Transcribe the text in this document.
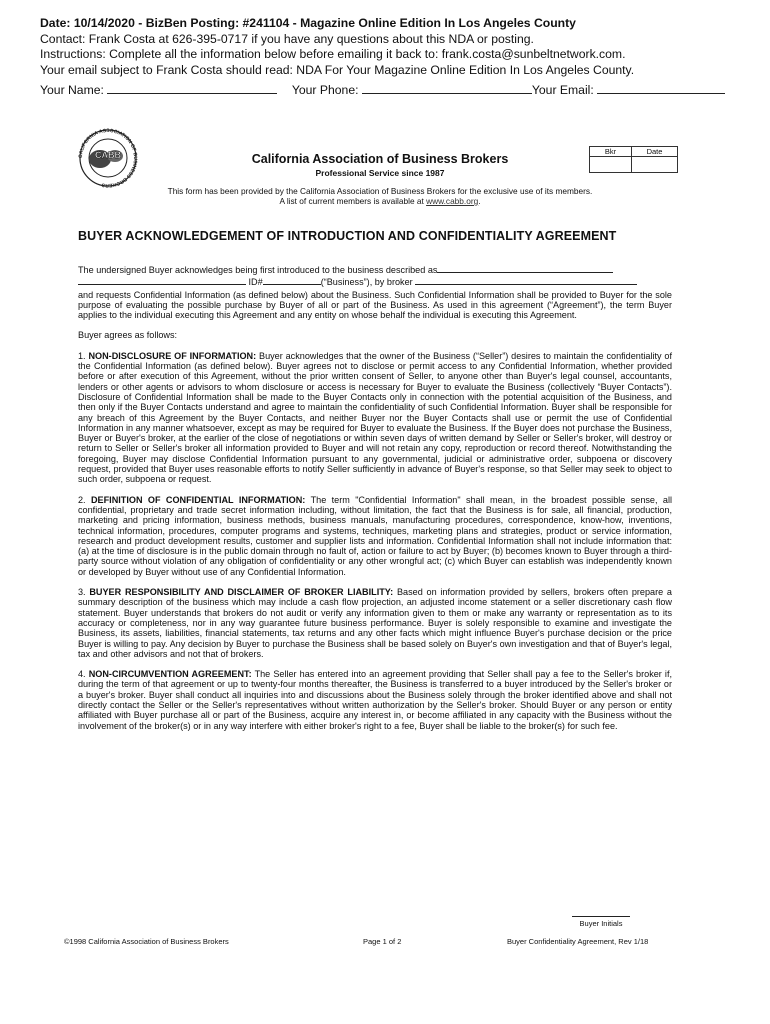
Date: 10/14/2020 - BizBen Posting: #241104 - Magazine Online Edition In Los Angeles County
Contact: Frank Costa at 626-395-0717 if you have any questions about this NDA or posting.
Instructions: Complete all the information below before emailing it back to: frank.costa@sunbeltnetwork.com.
Your email subject to Frank Costa should read: NDA For Your Magazine Online Edition In Los Angeles County.
Your Name:	Your Phone:	Your Email:
CABB
CALIFORNIA ASSOCIATION OF BUSINESS BROKERS
California Association of Business Brokers
Professional Service since 1987
Bkr	Date

This form has been provided by the California Association of Business Brokers for the exclusive use of its members.
A list of current members is available at www.cabb.org.
BUYER ACKNOWLEDGEMENT OF INTRODUCTION AND CONFIDENTIALITY AGREEMENT
The undersigned Buyer acknowledges being first introduced to the business described as
ID#	(“Business”), by broker
and requests Confidential Information (as defined below) about the Business. Such Confidential Information shall be provided to Buyer for the sole purpose of evaluating the possible purchase by Buyer of all or part of the Business. As used in this agreement (“Agreement”), the term Buyer applies to the individual executing this Agreement and any entity on whose behalf the individual is executing this Agreement.
Buyer agrees as follows:
1. NON-DISCLOSURE OF INFORMATION: Buyer acknowledges that the owner of the Business (“Seller”) desires to maintain the confidentiality of the Confidential Information (as defined below). Buyer agrees not to disclose or permit access to any Confidential Information, whether provided before or after execution of this Agreement, without the prior written consent of Seller, to anyone other than Buyer's legal counsel, accountants, lenders or other agents or advisors to whom disclosure or access is necessary for Buyer to evaluate the Business (collectively “Buyer Contacts”). Disclosure of Confidential Information shall be made to the Buyer Contacts only in connection with the potential acquisition of the Business, and then only if the Buyer Contacts understand and agree to maintain the confidentiality of such Confidential Information. Buyer shall be responsible for any breach of this Agreement by the Buyer Contacts, and neither Buyer nor the Buyer Contacts shall use or permit the use of Confidential Information in any manner whatsoever, except as may be required for Buyer to evaluate the Business. If the Buyer does not purchase the Business, Buyer or Buyer's broker, at the earlier of the close of negotiations or within seven days of written demand by Seller or Seller's broker, will destroy or return to Seller or Seller's broker all information provided to Buyer and will not retain any copy, reproduction or record thereof. Notwithstanding the foregoing, Buyer may disclose Confidential Information pursuant to any governmental, judicial or administrative order, subpoena or discovery request, provided that Buyer uses reasonable efforts to notify Seller sufficiently in advance of Buyer's response, so that Seller may seek to object to such order, subpoena or request.
2. DEFINITION OF CONFIDENTIAL INFORMATION: The term "Confidential Information" shall mean, in the broadest possible sense, all confidential, proprietary and trade secret information including, without limitation, the fact that the Business is for sale, all financial, production, marketing and pricing information, business methods, business manuals, manufacturing procedures, correspondence, know-how, inventions, technical information, procedures, computer programs and systems, techniques, marketing plans and strategies, product or service information, research and product development results, customer and supplier lists and information. Confidential Information shall not include information that: (a) at the time of disclosure is in the public domain through no fault of, action or failure to act by Buyer; (b) becomes known to Buyer through a third-party source without violation of any obligation of confidentiality or any other wrongful act; (c) which Buyer can establish was independently known or developed by Buyer without use of any Confidential Information.
3. BUYER RESPONSIBILITY AND DISCLAIMER OF BROKER LIABILITY: Based on information provided by sellers, brokers often prepare a summary description of the business which may include a cash flow projection, an adjusted income statement or a seller discretionary cash flow statement. Buyer understands that brokers do not audit or verify any information given to them or make any warranty or representation as to its accuracy or completeness, nor in any way guarantee future business performance. Buyer is solely responsible to examine and investigate the Business, its assets, liabilities, financial statements, tax returns and any other facts which might influence Buyer's purchase decision or the price Buyer is willing to pay. Any decision by Buyer to purchase the Business shall be based solely on Buyer's own investigation and that of Buyer's legal, tax and other advisors and not that of brokers.
4. NON-CIRCUMVENTION AGREEMENT: The Seller has entered into an agreement providing that Seller shall pay a fee to the Seller's broker if, during the term of that agreement or up to twenty-four months thereafter, the Business is transferred to a buyer introduced by the Seller's broker or a buyer's broker. Buyer shall conduct all inquiries into and discussions about the Business solely through the broker identified above and shall not directly contact the Seller or the Seller's representatives without written authorization by the Seller's broker. Should Buyer or any person or entity affiliated with Buyer purchase all or part of the Business, acquire any interest in, or become affiliated in any capacity with the Business without the involvement of the broker(s) or in any way interfere with either broker's right to a fee, Buyer shall be liable to the broker(s) for such fee.
Buyer Initials
©1998 California Association of Business Brokers	Page 1 of 2	Buyer Confidentiality Agreement, Rev 1/18
